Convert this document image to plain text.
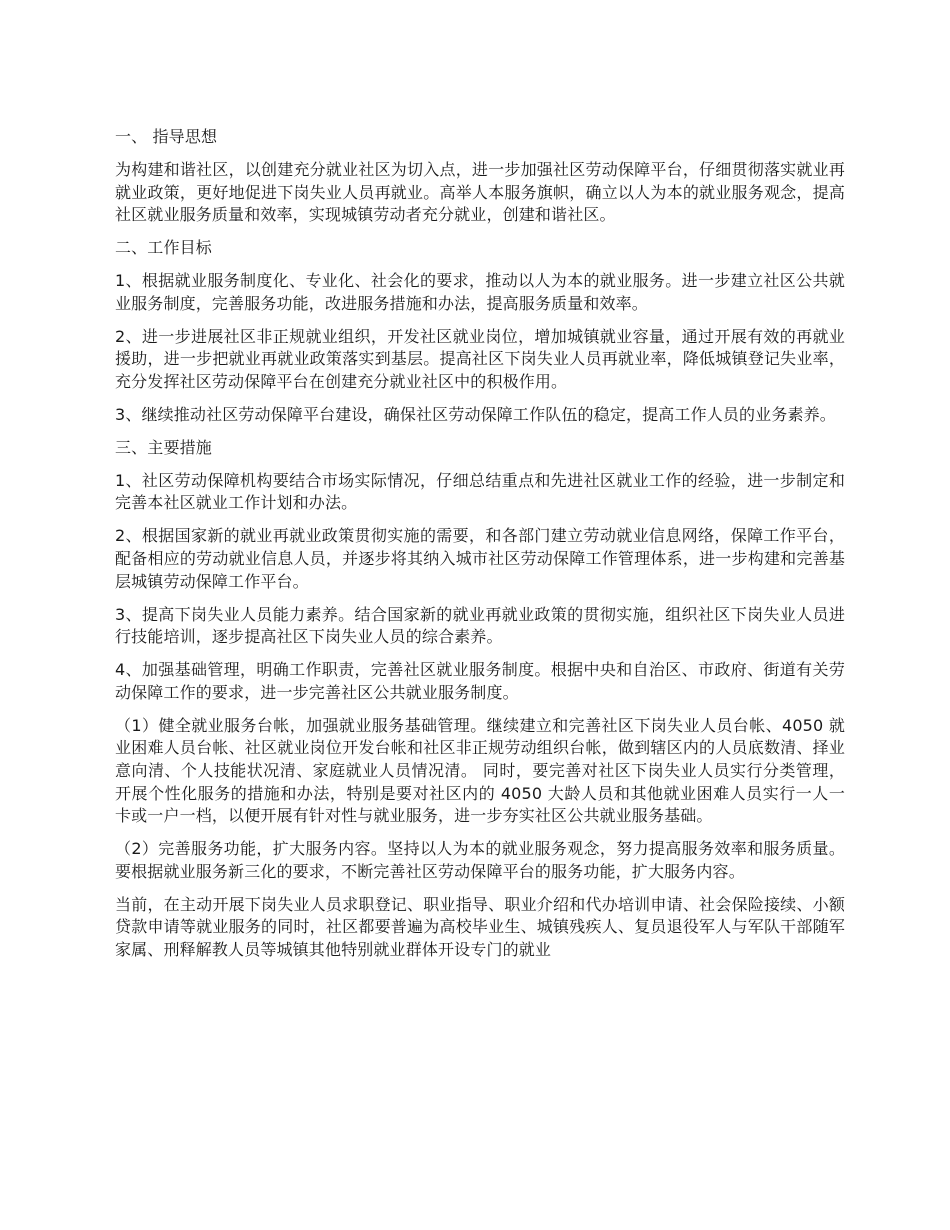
一、 指导思想

为构建和谐社区，以创建充分就业社区为切入点，进一步加强社区劳动保障平台，仔细贯彻落实就业再就业政策，更好地促进下岗失业人员再就业。高举人本服务旗帜，确立以人为本的就业服务观念，提高社区就业服务质量和效率，实现城镇劳动者充分就业，创建和谐社区。

二、工作目标

1、根据就业服务制度化、专业化、社会化的要求，推动以人为本的就业服务。进一步建立社区公共就业服务制度，完善服务功能，改进服务措施和办法，提高服务质量和效率。

2、进一步进展社区非正规就业组织，开发社区就业岗位，增加城镇就业容量，通过开展有效的再就业援助，进一步把就业再就业政策落实到基层。提高社区下岗失业人员再就业率，降低城镇登记失业率，充分发挥社区劳动保障平台在创建充分就业社区中的积极作用。

3、继续推动社区劳动保障平台建设，确保社区劳动保障工作队伍的稳定，提高工作人员的业务素养。

三、主要措施

1、社区劳动保障机构要结合市场实际情况，仔细总结重点和先进社区就业工作的经验，进一步制定和完善本社区就业工作计划和办法。

2、根据国家新的就业再就业政策贯彻实施的需要，和各部门建立劳动就业信息网络，保障工作平台，配备相应的劳动就业信息人员，并逐步将其纳入城市社区劳动保障工作管理体系，进一步构建和完善基层城镇劳动保障工作平台。

3、提高下岗失业人员能力素养。结合国家新的就业再就业政策的贯彻实施，组织社区下岗失业人员进行技能培训，逐步提高社区下岗失业人员的综合素养。

4、加强基础管理，明确工作职责，完善社区就业服务制度。根据中央和自治区、市政府、街道有关劳动保障工作的要求，进一步完善社区公共就业服务制度。

（1）健全就业服务台帐，加强就业服务基础管理。继续建立和完善社区下岗失业人员台帐、4050 就业困难人员台帐、社区就业岗位开发台帐和社区非正规劳动组织台帐，做到辖区内的人员底数清、择业意向清、个人技能状况清、家庭就业人员情况清。 同时，要完善对社区下岗失业人员实行分类管理，开展个性化服务的措施和办法，特别是要对社区内的 4050 大龄人员和其他就业困难人员实行一人一卡或一户一档，以便开展有针对性与就业服务，进一步夯实社区公共就业服务基础。

（2）完善服务功能，扩大服务内容。坚持以人为本的就业服务观念，努力提高服务效率和服务质量。要根据就业服务新三化的要求，不断完善社区劳动保障平台的服务功能，扩大服务内容。

当前，在主动开展下岗失业人员求职登记、职业指导、职业介绍和代办培训申请、社会保险接续、小额贷款申请等就业服务的同时，社区都要普遍为高校毕业生、城镇残疾人、复员退役军人与军队干部随军家属、刑释解教人员等城镇其他特别就业群体开设专门的就业
